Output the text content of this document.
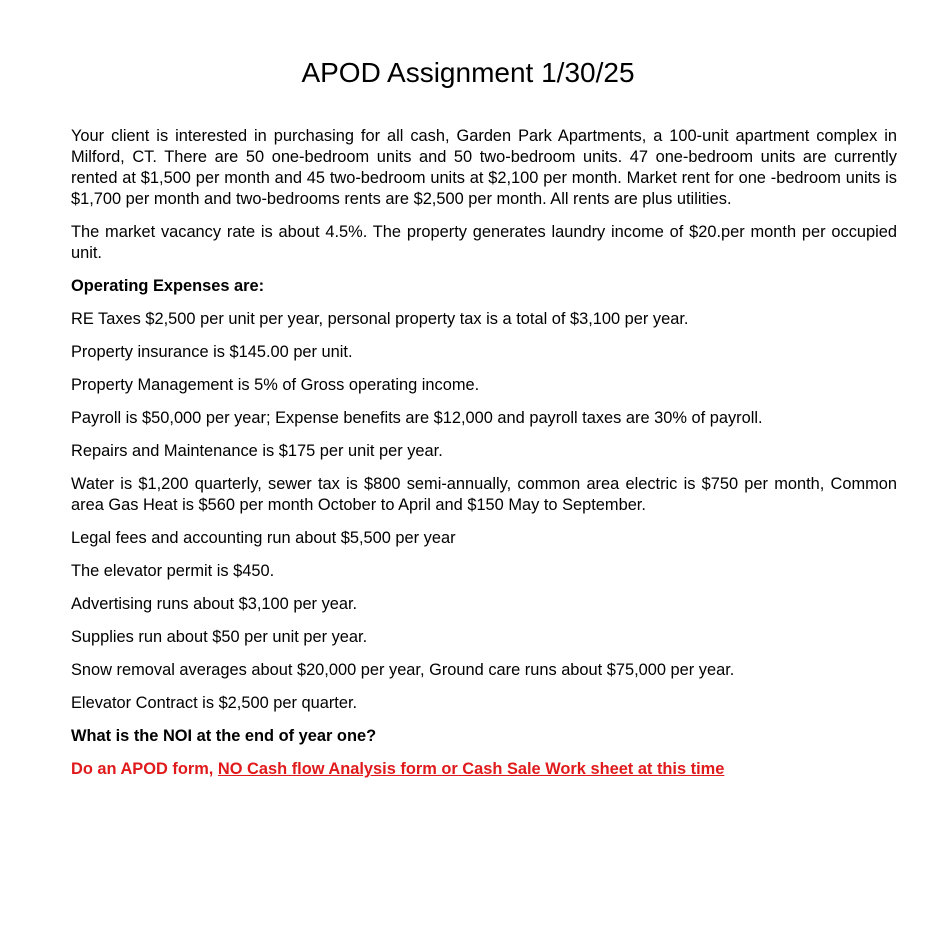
APOD Assignment 1/30/25

Your client is interested in purchasing for all cash, Garden Park Apartments, a 100-unit apartment complex in Milford, CT. There are 50 one-bedroom units and 50 two-bedroom units. 47 one-bedroom units are currently rented at $1,500 per month and 45 two-bedroom units at $2,100 per month. Market rent for one -bedroom units is $1,700 per month and two-bedrooms rents are $2,500 per month. All rents are plus utilities.

The market vacancy rate is about 4.5%. The property generates laundry income of $20.per month per occupied unit.

Operating Expenses are:

RE Taxes $2,500 per unit per year, personal property tax is a total of $3,100 per year.

Property insurance is $145.00 per unit.

Property Management is 5% of Gross operating income.

Payroll is $50,000 per year; Expense benefits are $12,000 and payroll taxes are 30% of payroll.

Repairs and Maintenance is $175 per unit per year.

Water is $1,200 quarterly, sewer tax is $800 semi-annually, common area electric is $750 per month, Common area Gas Heat is $560 per month October to April and $150 May to September.

Legal fees and accounting run about $5,500 per year

The elevator permit is $450.

Advertising runs about $3,100 per year.

Supplies run about $50 per unit per year.

Snow removal averages about $20,000 per year, Ground care runs about $75,000 per year.

Elevator Contract is $2,500 per quarter.

What is the NOI at the end of year one?

Do an APOD form, NO Cash flow Analysis form or Cash Sale Work sheet at this time
